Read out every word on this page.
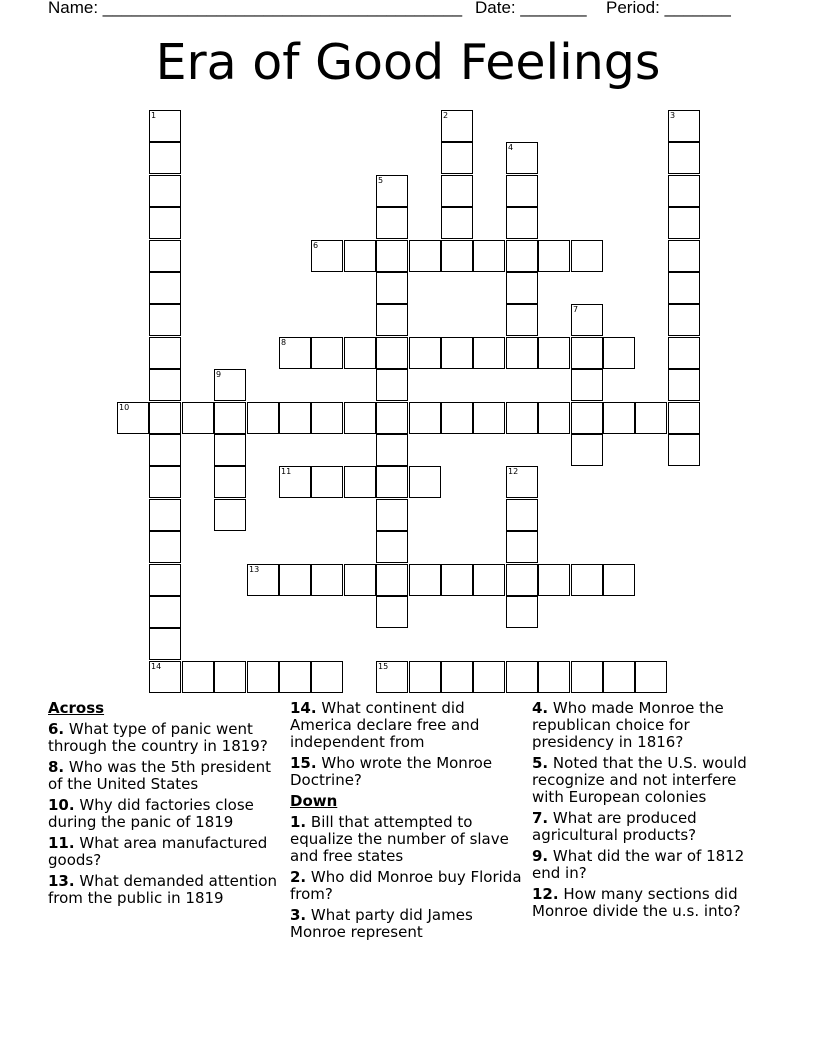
Name: ______________________________________ Date: _______ Period: _______
Era of Good Feelings
1
14
2	3
4
5
6
7
8
9
10
11	12
13
15
Across
6. What type of panic went through the country in 1819?
8. Who was the 5th president of the United States
10. Why did factories close during the panic of 1819
11. What area manufactured goods?
13. What demanded attention from the public in 1819
14. What continent did America declare free and independent from
15. Who wrote the Monroe Doctrine?
Down
1. Bill that attempted to equalize the number of slave and free states
2. Who did Monroe buy Florida from?
3. What party did James Monroe represent
4. Who made Monroe the republican choice for presidency in 1816?
5. Noted that the U.S. would recognize and not interfere with European colonies
7. What are produced agricultural products?
9. What did the war of 1812 end in?
12. How many sections did Monroe divide the u.s. into?
